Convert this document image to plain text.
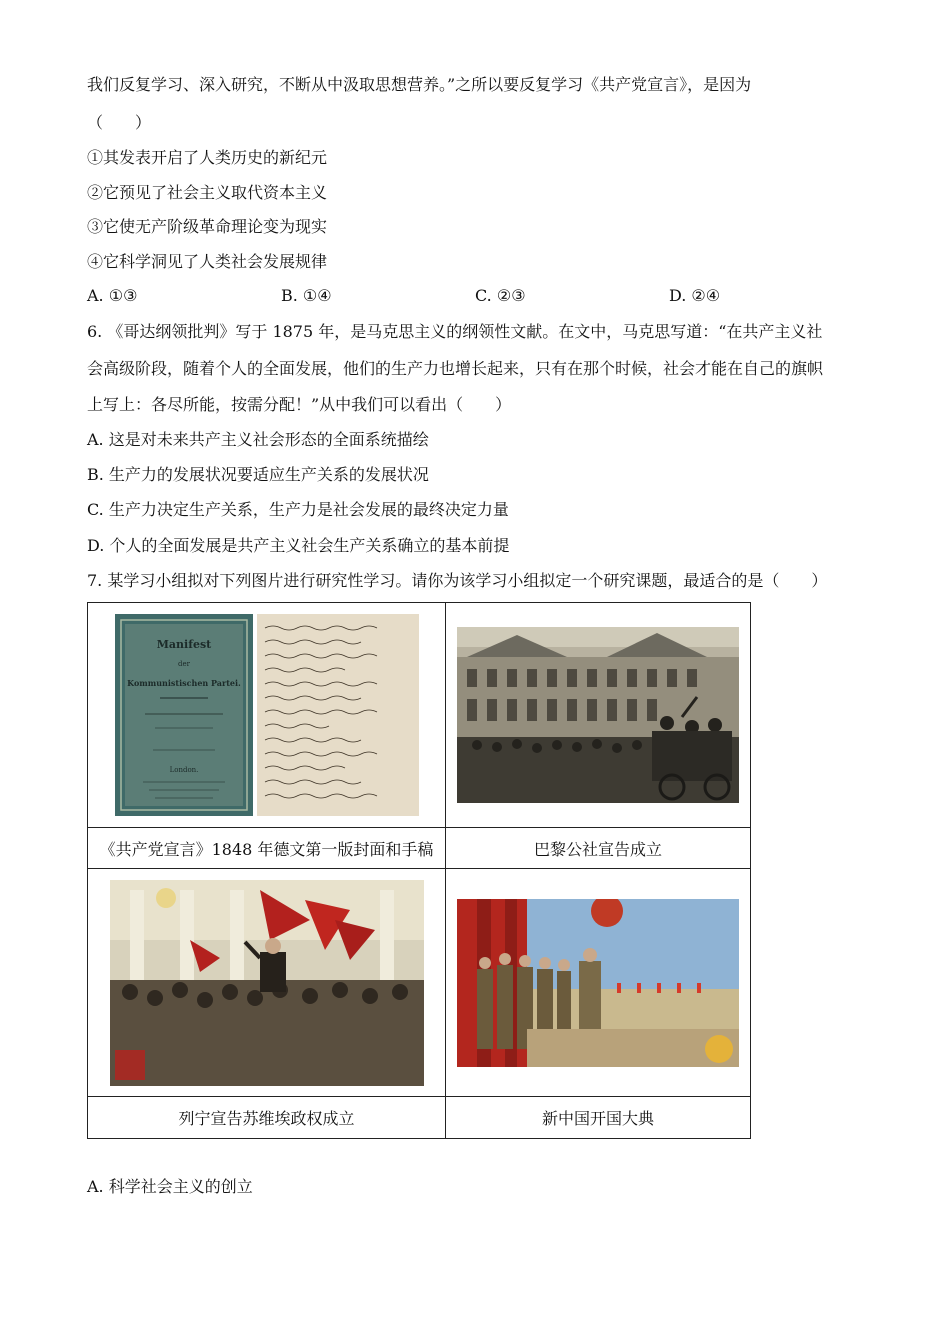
我们反复学习、深入研究，不断从中汲取思想营养。”之所以要反复学习《共产党宣言》，是因为
（　　）
①其发表开启了人类历史的新纪元
②它预见了社会主义取代资本主义
③它使无产阶级革命理论变为现实
④它科学洞见了人类社会发展规律
A. ①③	B. ①④	C. ②③	D. ②④
6. 《哥达纲领批判》写于 1875 年，是马克思主义的纲领性文献。在文中，马克思写道：“在共产主义社
会高级阶段，随着个人的全面发展，他们的生产力也增长起来，只有在那个时候，社会才能在自己的旗帜
上写上：各尽所能，按需分配！”从中我们可以看出（　　）
A. 这是对未来共产主义社会形态的全面系统描绘
B. 生产力的发展状况要适应生产关系的发展状况
C. 生产力决定生产关系，生产力是社会发展的最终决定力量
D. 个人的全面发展是共产主义社会生产关系确立的基本前提
7. 某学习小组拟对下列图片进行研究性学习。请你为该学习小组拟定一个研究课题，最适合的是（　　）
Manifest
der
Kommunistischen Partei.
London.

《共产党宣言》1848 年德文第一版封面和手稿	巴黎公社宣告成立

列宁宣告苏维埃政权成立	新中国开国大典
A. 科学社会主义的创立
